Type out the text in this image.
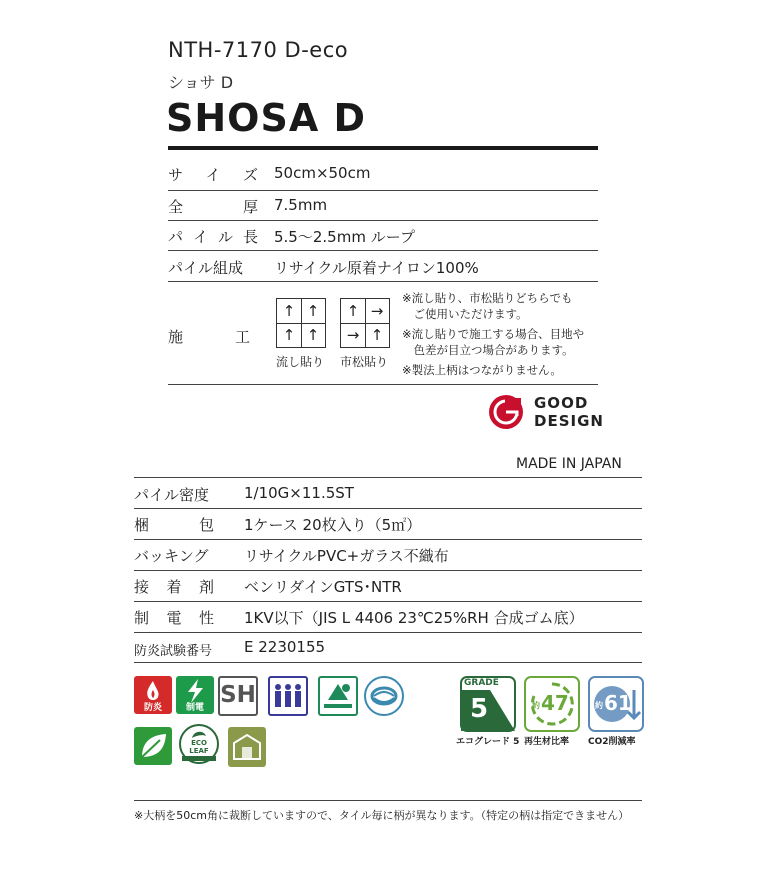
NTH-7170 D-eco
ショサ D
SHOSA D
サ イ ズ 50cm×50cm
全	厚 7.5mm
パ イ ル 長 5.5〜2.5mm ループ
パイル組成	リサイクル原着ナイロン100%
施	工
↑ ↑
↑ ↑
流し貼り
↑ →
→ ↑
市松貼り
※流し貼り、市松貼りどちらでも
　ご使用いただけます。
※流し貼りで施工する場合、目地や
　色差が目立つ場合があります。
※製法上柄はつながりません。
GOOD
DESIGN
MADE IN JAPAN
パイル密度 1/10G×11.5ST
梱	包 1ケース 20枚入り（5㎡）
バッキング リサイクルPVC+ガラス不織布
接 着 剤 ベンリダインGTS･NTR
制 電 性 1KV以下（JIS L 4406 23℃25%RH 合成ゴム底）
防炎試験番号 E 2230155
防炎	制電 SH	GRADE
5
エコグレード 5
約 47
再生材比率
約 61
CO2削減率
ECO
LEAF
※大柄を50cm角に裁断していますので、タイル毎に柄が異なります。（特定の柄は指定できません）
